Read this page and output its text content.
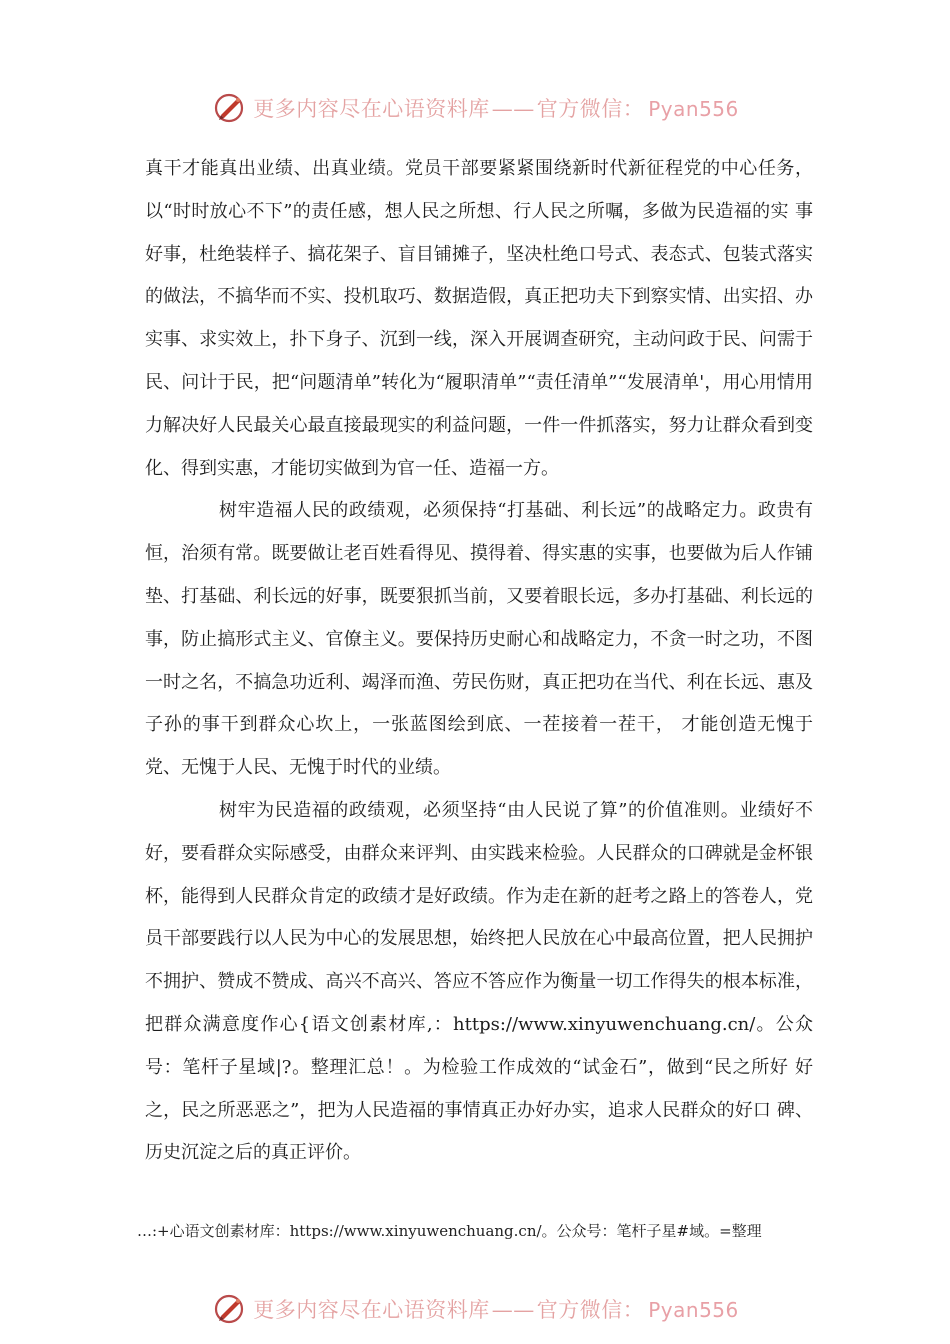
更多内容尽在心语资料库——官方微信： Pyan556

真干才能真出业绩、出真业绩。党员干部要紧紧围绕新时代新征程党的中心任务， 以“时时放心不下”的责任感，想人民之所想、行人民之所嘱，多做为民造福的实 事好事，杜绝装样子、搞花架子、盲目铺摊子，坚决杜绝口号式、表态式、包装式落实的做法，不搞华而不实、投机取巧、数据造假，真正把功夫下到察实情、出实招、办实事、求实效上，扑下身子、沉到一线，深入开展调查研究，主动问政于民、问需于民、问计于民，把“问题清单”转化为“履职清单”“责任清单”“发展清单'，用心用情用力解决好人民最关心最直接最现实的利益问题，一件一件抓落实，努力让群众看到变化、得到实惠，才能切实做到为官一任、造福一方。

树牢造福人民的政绩观，必须保持“打基础、利长远”的战略定力。政贵有恒，治须有常。既要做让老百姓看得见、摸得着、得实惠的实事，也要做为后人作铺垫、打基础、利长远的好事，既要狠抓当前，又要着眼长远，多办打基础、利长远的事，防止搞形式主义、官僚主义。要保持历史耐心和战略定力，不贪一时之功，不图一时之名，不搞急功近利、竭泽而渔、劳民伤财，真正把功在当代、利在长远、惠及子孙的事干到群众心坎上，一张蓝图绘到底、一茬接着一茬干， 才能创造无愧于党、无愧于人民、无愧于时代的业绩。

树牢为民造福的政绩观，必须坚持“由人民说了算”的价值准则。业绩好不好，要看群众实际感受，由群众来评判、由实践来检验。人民群众的口碑就是金杯银杯，能得到人民群众肯定的政绩才是好政绩。作为走在新的赶考之路上的答卷人，党员干部要践行以人民为中心的发展思想，始终把人民放在心中最高位置，把人民拥护不拥护、赞成不赞成、高兴不高兴、答应不答应作为衡量一切工作得失的根本标准，把群众满意度作心{语文创素材库,：https://www.xinyuwenchuang.cn/。公众号：笔杆子星域|?。整理汇总！。为检验工作成效的“试金石”，做到“民之所好 好之，民之所恶恶之”，把为人民造福的事情真正办好办实，追求人民群众的好口 碑、历史沉淀之后的真正评价。

…:+心语文创素材库：https://www.xinyuwenchuang.cn/。公众号：笔杆子星#域。=整理
更多内容尽在心语资料库——官方微信： Pyan556
